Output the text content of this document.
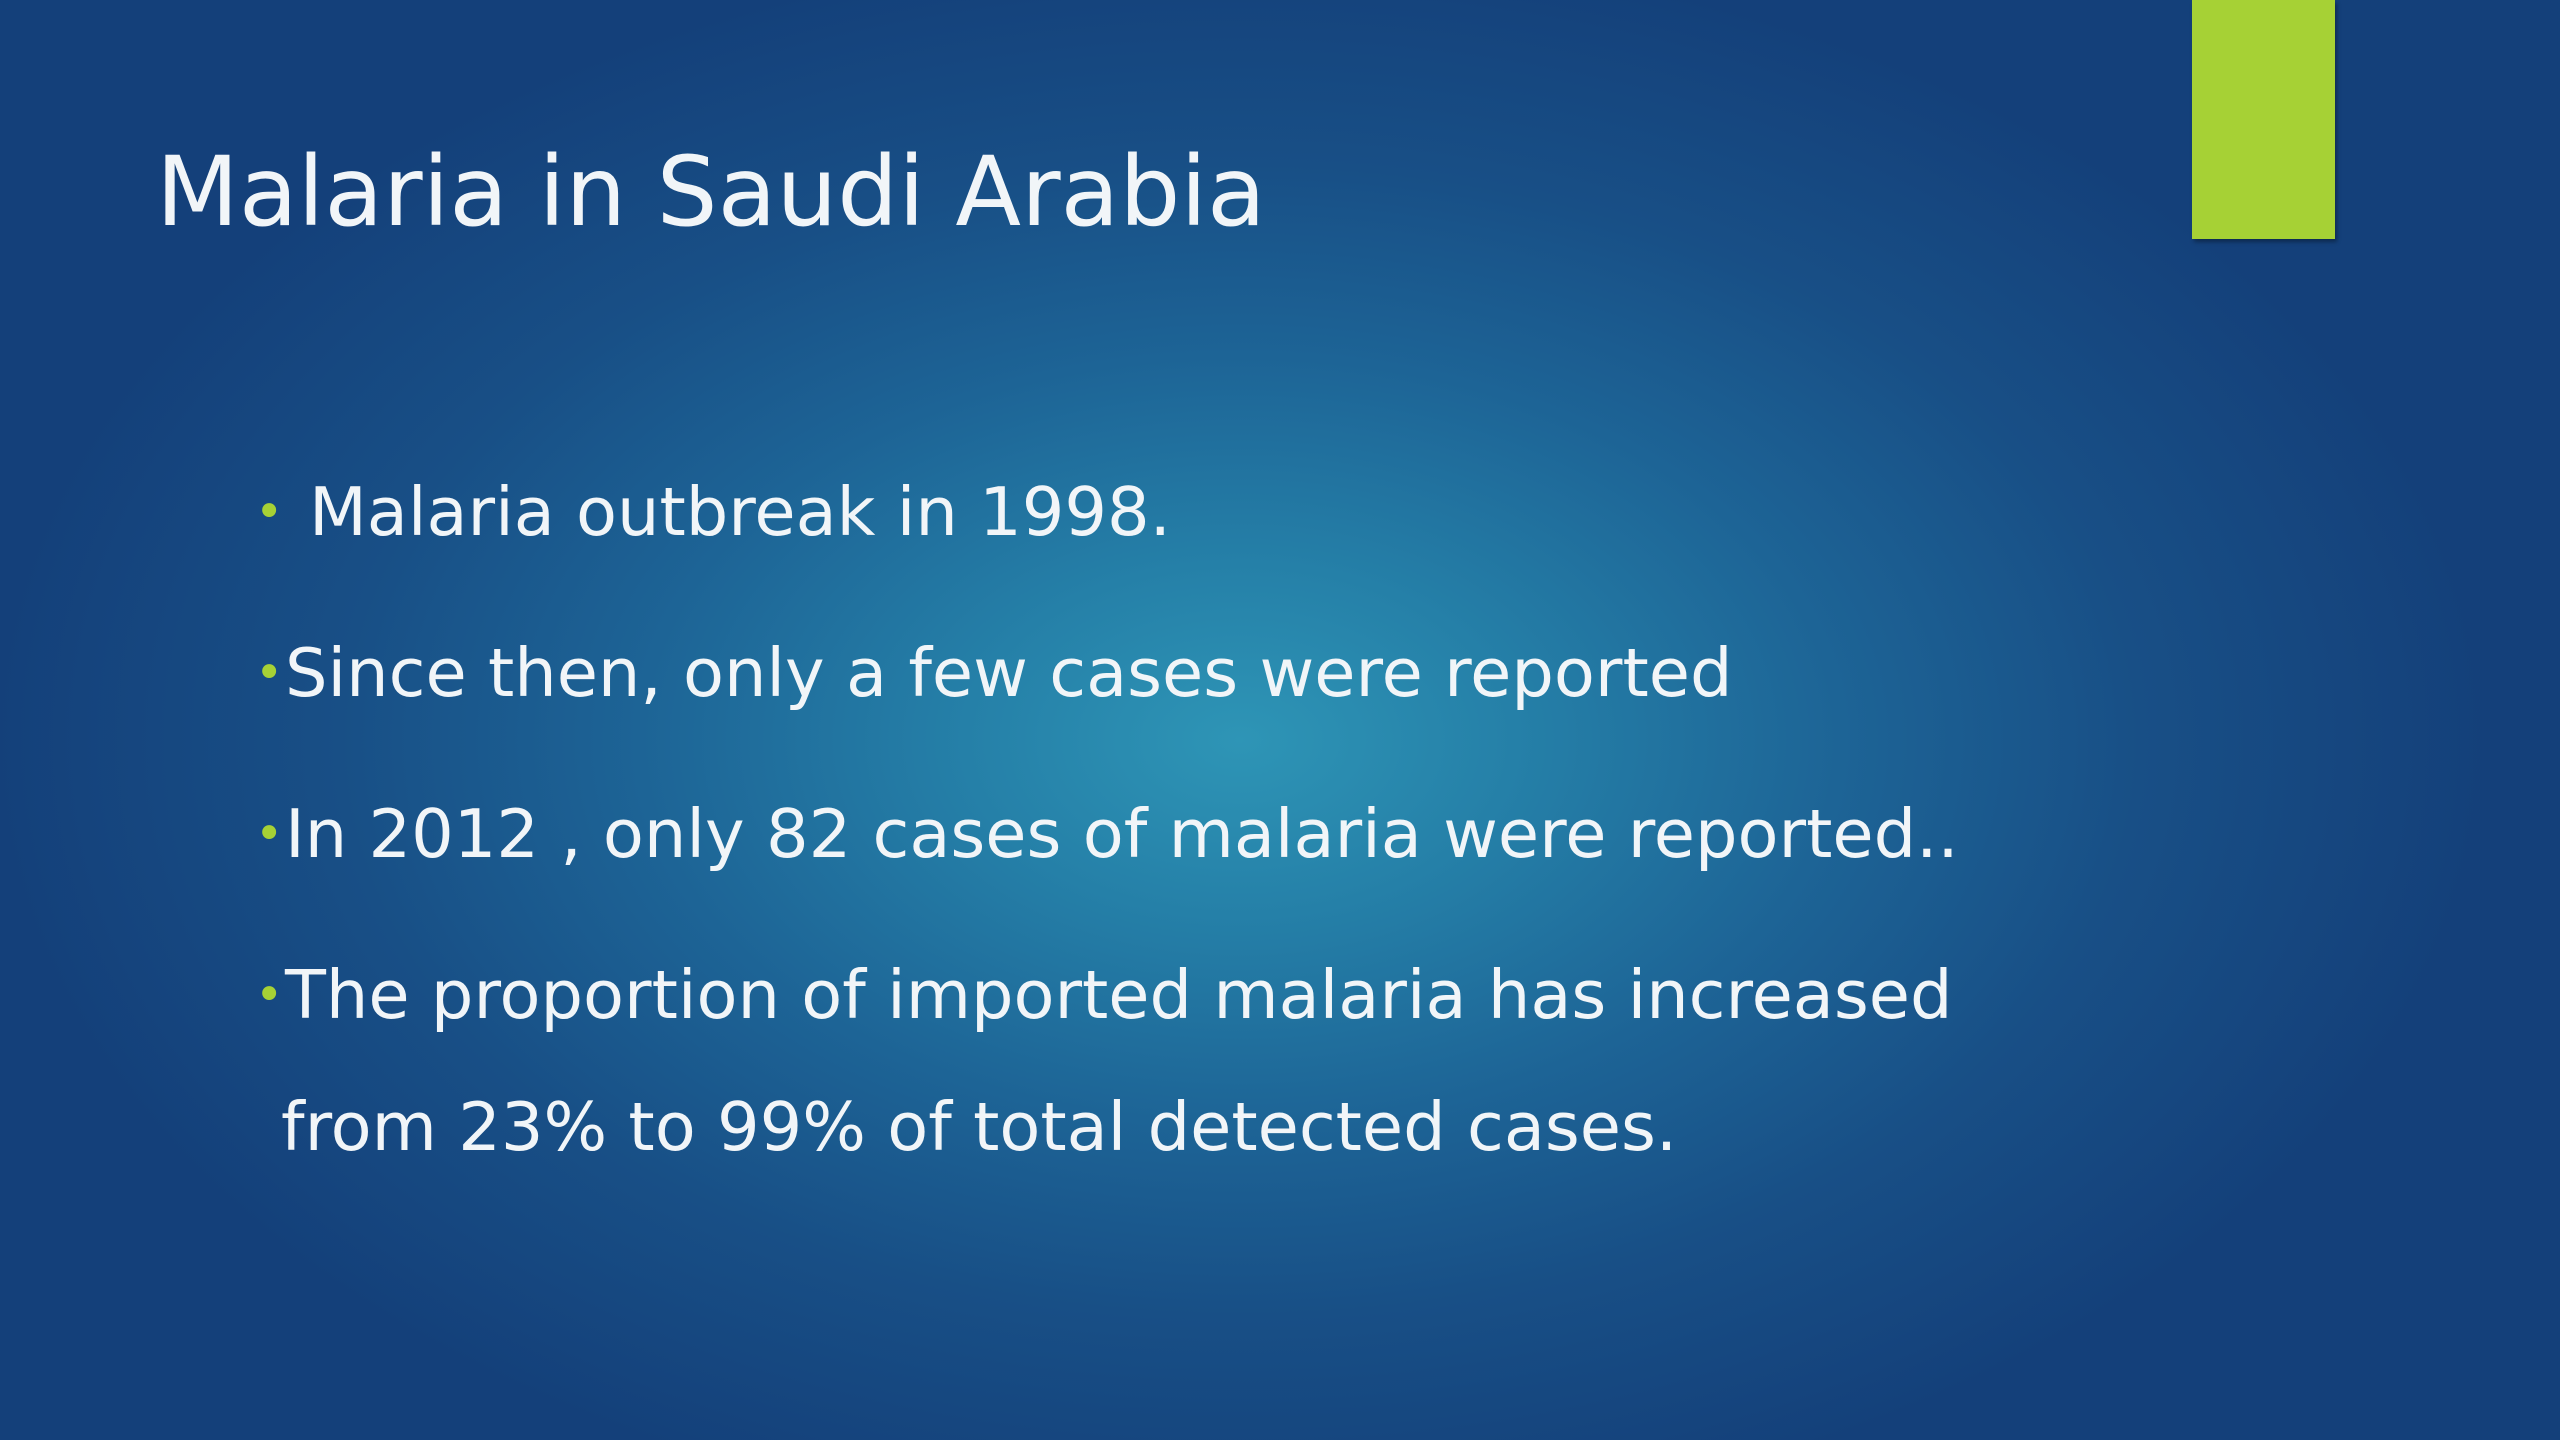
Malaria in Saudi Arabia
• Malaria outbreak in 1998.
• Since then, only a few cases were reported
• In 2012 , only 82 cases of malaria were reported..
• The proportion of imported malaria has increased
from 23% to 99% of total detected cases.
